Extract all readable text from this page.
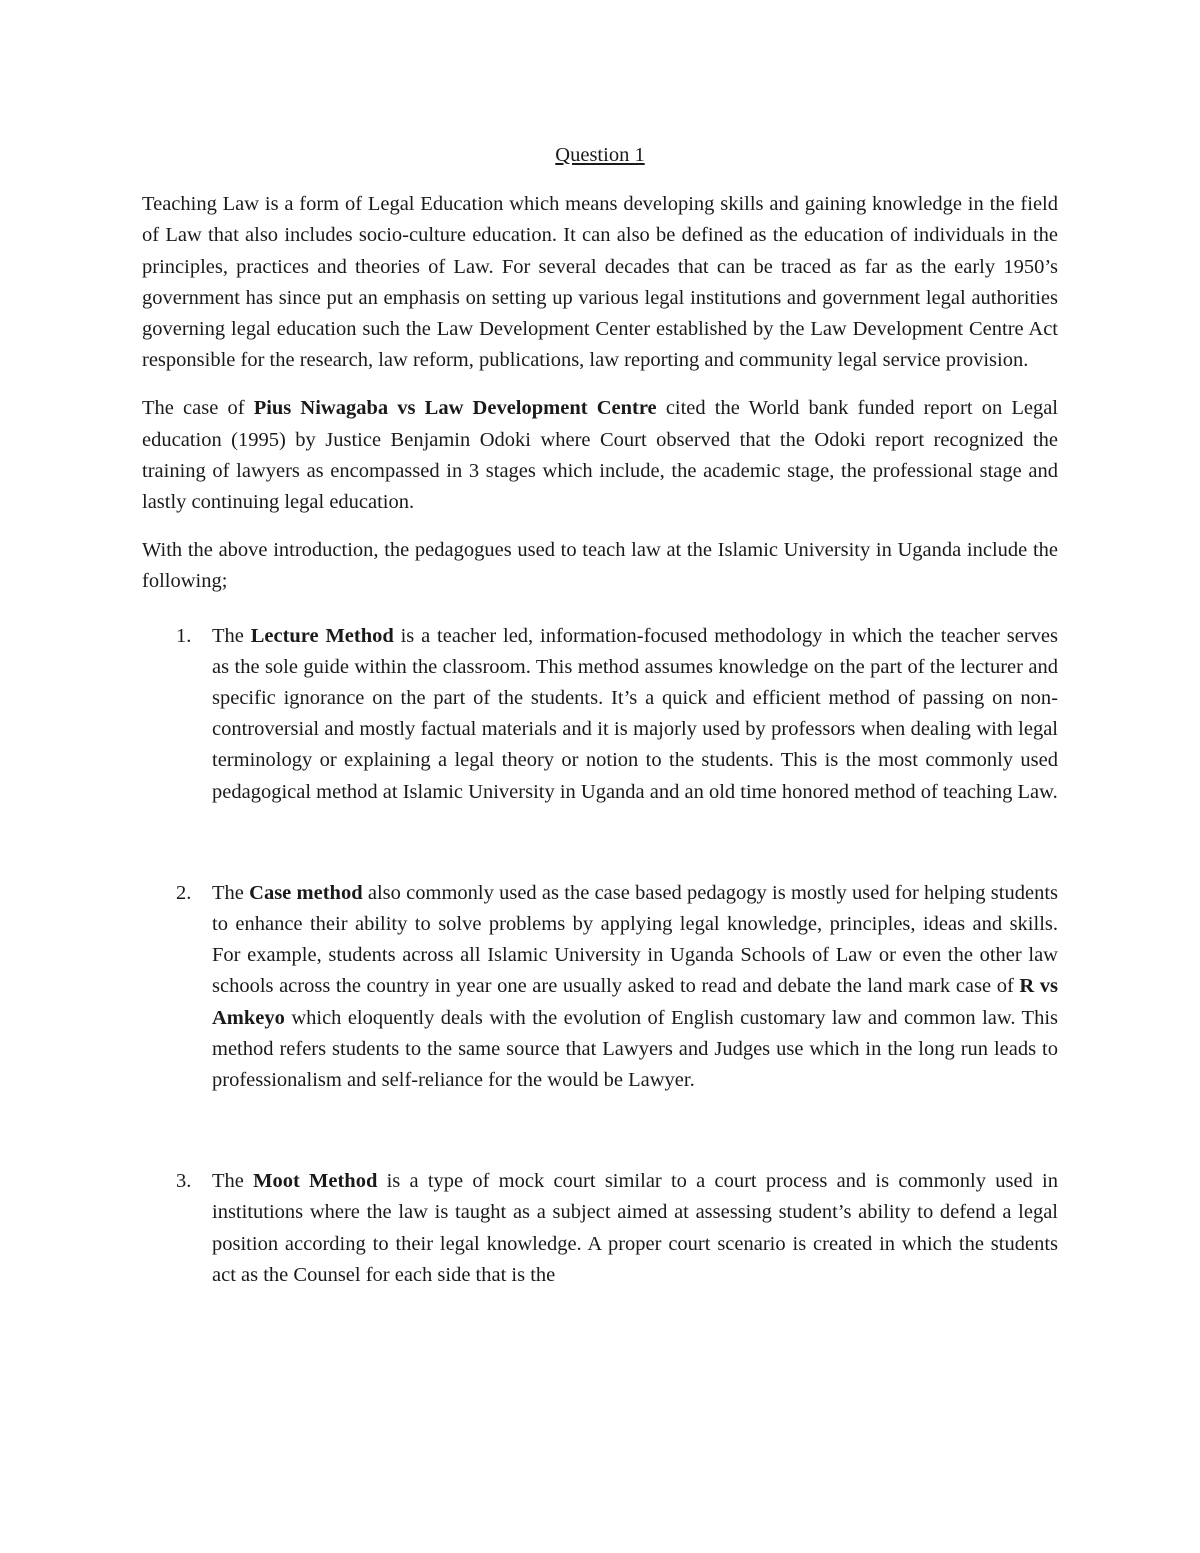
Question 1

Teaching Law is a form of Legal Education which means developing skills and gaining knowledge in the field of Law that also includes socio-culture education. It can also be defined as the education of individuals in the principles, practices and theories of Law. For several decades that can be traced as far as the early 1950’s government has since put an emphasis on setting up various legal institutions and government legal authorities governing legal education such the Law Development Center established by the Law Development Centre Act responsible for the research, law reform, publications, law reporting and community legal service provision.

The case of Pius Niwagaba vs Law Development Centre cited the World bank funded report on Legal education (1995) by Justice Benjamin Odoki where Court observed that the Odoki report recognized the training of lawyers as encompassed in 3 stages which include, the academic stage, the professional stage and lastly continuing legal education.

With the above introduction, the pedagogues used to teach law at the Islamic University in Uganda include the following;

1. The Lecture Method is a teacher led, information-focused methodology in which the teacher serves as the sole guide within the classroom. This method assumes knowledge on the part of the lecturer and specific ignorance on the part of the students. It’s a quick and efficient method of passing on non-controversial and mostly factual materials and it is majorly used by professors when dealing with legal terminology or explaining a legal theory or notion to the students. This is the most commonly used pedagogical method at Islamic University in Uganda and an old time honored method of teaching Law.
2. The Case method also commonly used as the case based pedagogy is mostly used for helping students to enhance their ability to solve problems by applying legal knowledge, principles, ideas and skills. For example, students across all Islamic University in Uganda Schools of Law or even the other law schools across the country in year one are usually asked to read and debate the land mark case of R vs Amkeyo which eloquently deals with the evolution of English customary law and common law. This method refers students to the same source that Lawyers and Judges use which in the long run leads to professionalism and self-reliance for the would be Lawyer.
3. The Moot Method is a type of mock court similar to a court process and is commonly used in institutions where the law is taught as a subject aimed at assessing student’s ability to defend a legal position according to their legal knowledge. A proper court scenario is created in which the students act as the Counsel for each side that is the
